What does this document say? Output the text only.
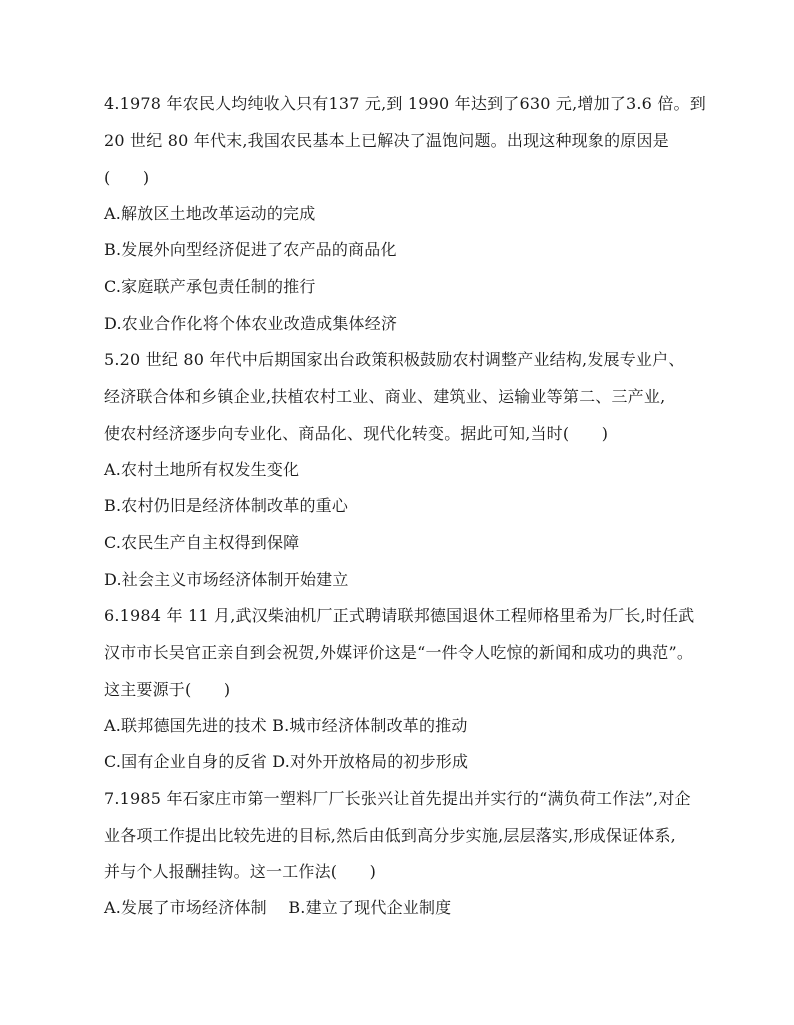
4.1978 年农民人均纯收入只有137 元,到 1990 年达到了630 元,增加了3.6 倍。到
20 世纪 80 年代末,我国农民基本上已解决了温饱问题。出现这种现象的原因是
(　　)
A.解放区土地改革运动的完成
B.发展外向型经济促进了农产品的商品化
C.家庭联产承包责任制的推行
D.农业合作化将个体农业改造成集体经济
5.20 世纪 80 年代中后期国家出台政策积极鼓励农村调整产业结构,发展专业户、
经济联合体和乡镇企业,扶植农村工业、商业、建筑业、运输业等第二、三产业,
使农村经济逐步向专业化、商品化、现代化转变。据此可知,当时(　　)
A.农村土地所有权发生变化
B.农村仍旧是经济体制改革的重心
C.农民生产自主权得到保障
D.社会主义市场经济体制开始建立
6.1984 年 11 月,武汉柴油机厂正式聘请联邦德国退休工程师格里希为厂长,时任武
汉市市长吴官正亲自到会祝贺,外媒评价这是“一件令人吃惊的新闻和成功的典范”。
这主要源于(　　)
A.联邦德国先进的技术 B.城市经济体制改革的推动
C.国有企业自身的反省 D.对外开放格局的初步形成
7.1985 年石家庄市第一塑料厂厂长张兴让首先提出并实行的“满负荷工作法”,对企
业各项工作提出比较先进的目标,然后由低到高分步实施,层层落实,形成保证体系,
并与个人报酬挂钩。这一工作法(　　)
A.发展了市场经济体制　 B.建立了现代企业制度
